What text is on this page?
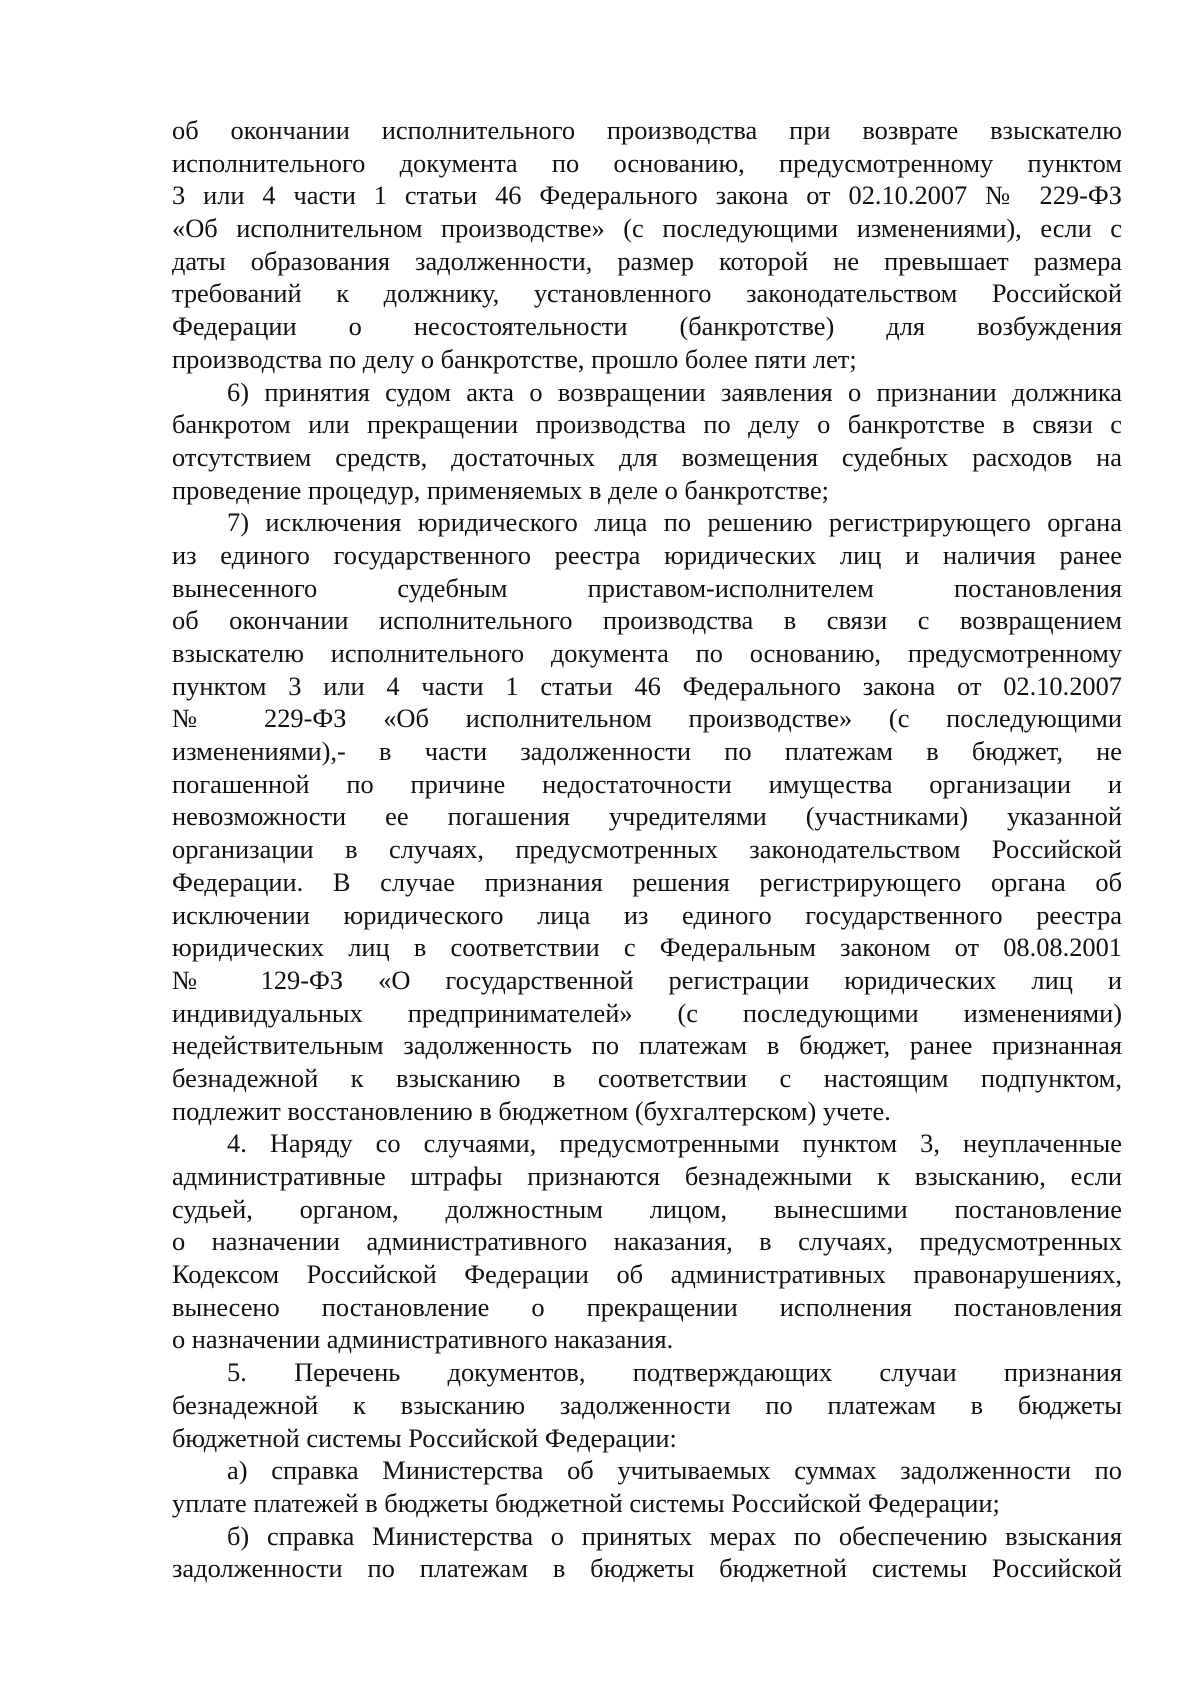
об окончании исполнительного производства при возврате взыскателю
исполнительного документа по основанию, предусмотренному пунктом
3 или 4 части 1 статьи 46 Федерального закона от 02.10.2007 № 229-ФЗ
«Об исполнительном производстве» (с последующими изменениями), если с
даты образования задолженности, размер которой не превышает размера
требований к должнику, установленного законодательством Российской
Федерации о несостоятельности (банкротстве) для возбуждения
производства по делу о банкротстве, прошло более пяти лет;
6) принятия судом акта о возвращении заявления о признании должника
банкротом или прекращении производства по делу о банкротстве в связи с
отсутствием средств, достаточных для возмещения судебных расходов на
проведение процедур, применяемых в деле о банкротстве;
7) исключения юридического лица по решению регистрирующего органа
из единого государственного реестра юридических лиц и наличия ранее
вынесенного судебным приставом-исполнителем постановления
об окончании исполнительного производства в связи с возвращением
взыскателю исполнительного документа по основанию, предусмотренному
пунктом 3 или 4 части 1 статьи 46 Федерального закона от 02.10.2007
№ 229-ФЗ «Об исполнительном производстве» (с последующими
изменениями),- в части задолженности по платежам в бюджет, не
погашенной по причине недостаточности имущества организации и
невозможности ее погашения учредителями (участниками) указанной
организации в случаях, предусмотренных законодательством Российской
Федерации. В случае признания решения регистрирующего органа об
исключении юридического лица из единого государственного реестра
юридических лиц в соответствии с Федеральным законом от 08.08.2001
№ 129-ФЗ «О государственной регистрации юридических лиц и
индивидуальных предпринимателей» (с последующими изменениями)
недействительным задолженность по платежам в бюджет, ранее признанная
безнадежной к взысканию в соответствии с настоящим подпунктом,
подлежит восстановлению в бюджетном (бухгалтерском) учете.
4. Наряду со случаями, предусмотренными пунктом 3, неуплаченные
административные штрафы признаются безнадежными к взысканию, если
судьей, органом, должностным лицом, вынесшими постановление
о назначении административного наказания, в случаях, предусмотренных
Кодексом Российской Федерации об административных правонарушениях,
вынесено постановление о прекращении исполнения постановления
о назначении административного наказания.
5. Перечень документов, подтверждающих случаи признания
безнадежной к взысканию задолженности по платежам в бюджеты
бюджетной системы Российской Федерации:
а) справка Министерства об учитываемых суммах задолженности по
уплате платежей в бюджеты бюджетной системы Российской Федерации;
б) справка Министерства о принятых мерах по обеспечению взыскания
задолженности по платежам в бюджеты бюджетной системы Российской
